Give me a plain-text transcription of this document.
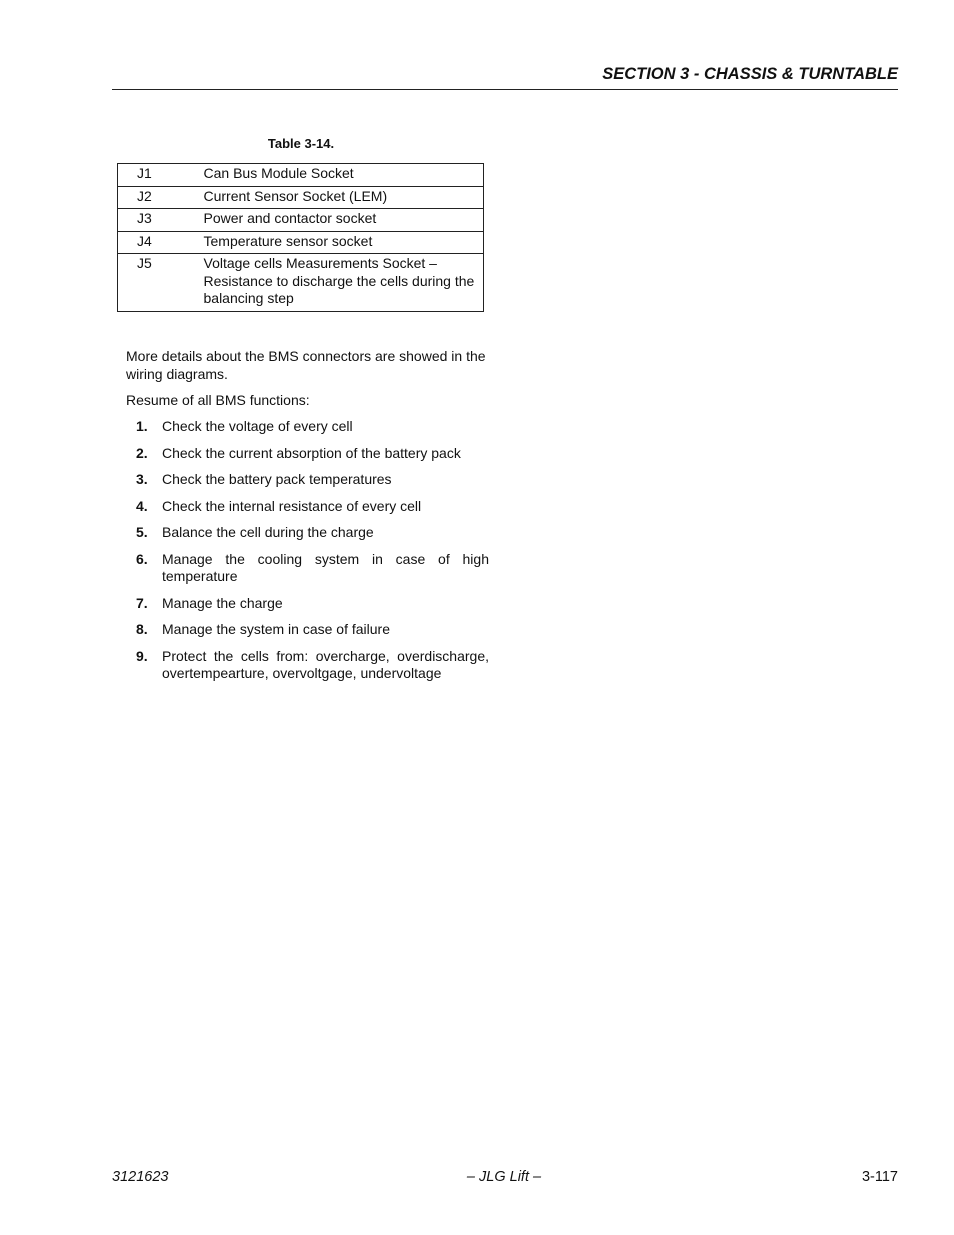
SECTION 3 - CHASSIS & TURNTABLE
Table 3-14.
J1	Can Bus Module Socket
J2	Current Sensor Socket (LEM)
J3	Power and contactor socket
J4	Temperature sensor socket
J5	Voltage cells Measurements Socket – Resistance to discharge the cells during the balancing step
More details about the BMS connectors are showed in the wiring diagrams.
Resume of all BMS functions:
1.	Check the voltage of every cell
2.	Check the current absorption of the battery pack
3.	Check the battery pack temperatures
4.	Check the internal resistance of every cell
5.	Balance the cell during the charge
6.	Manage the cooling system in case of high temperature
7.	Manage the charge
8.	Manage the system in case of failure
9.	Protect the cells from: overcharge, overdischarge, overtempearture, overvoltgage, undervoltage
3121623	– JLG Lift –	3-117
